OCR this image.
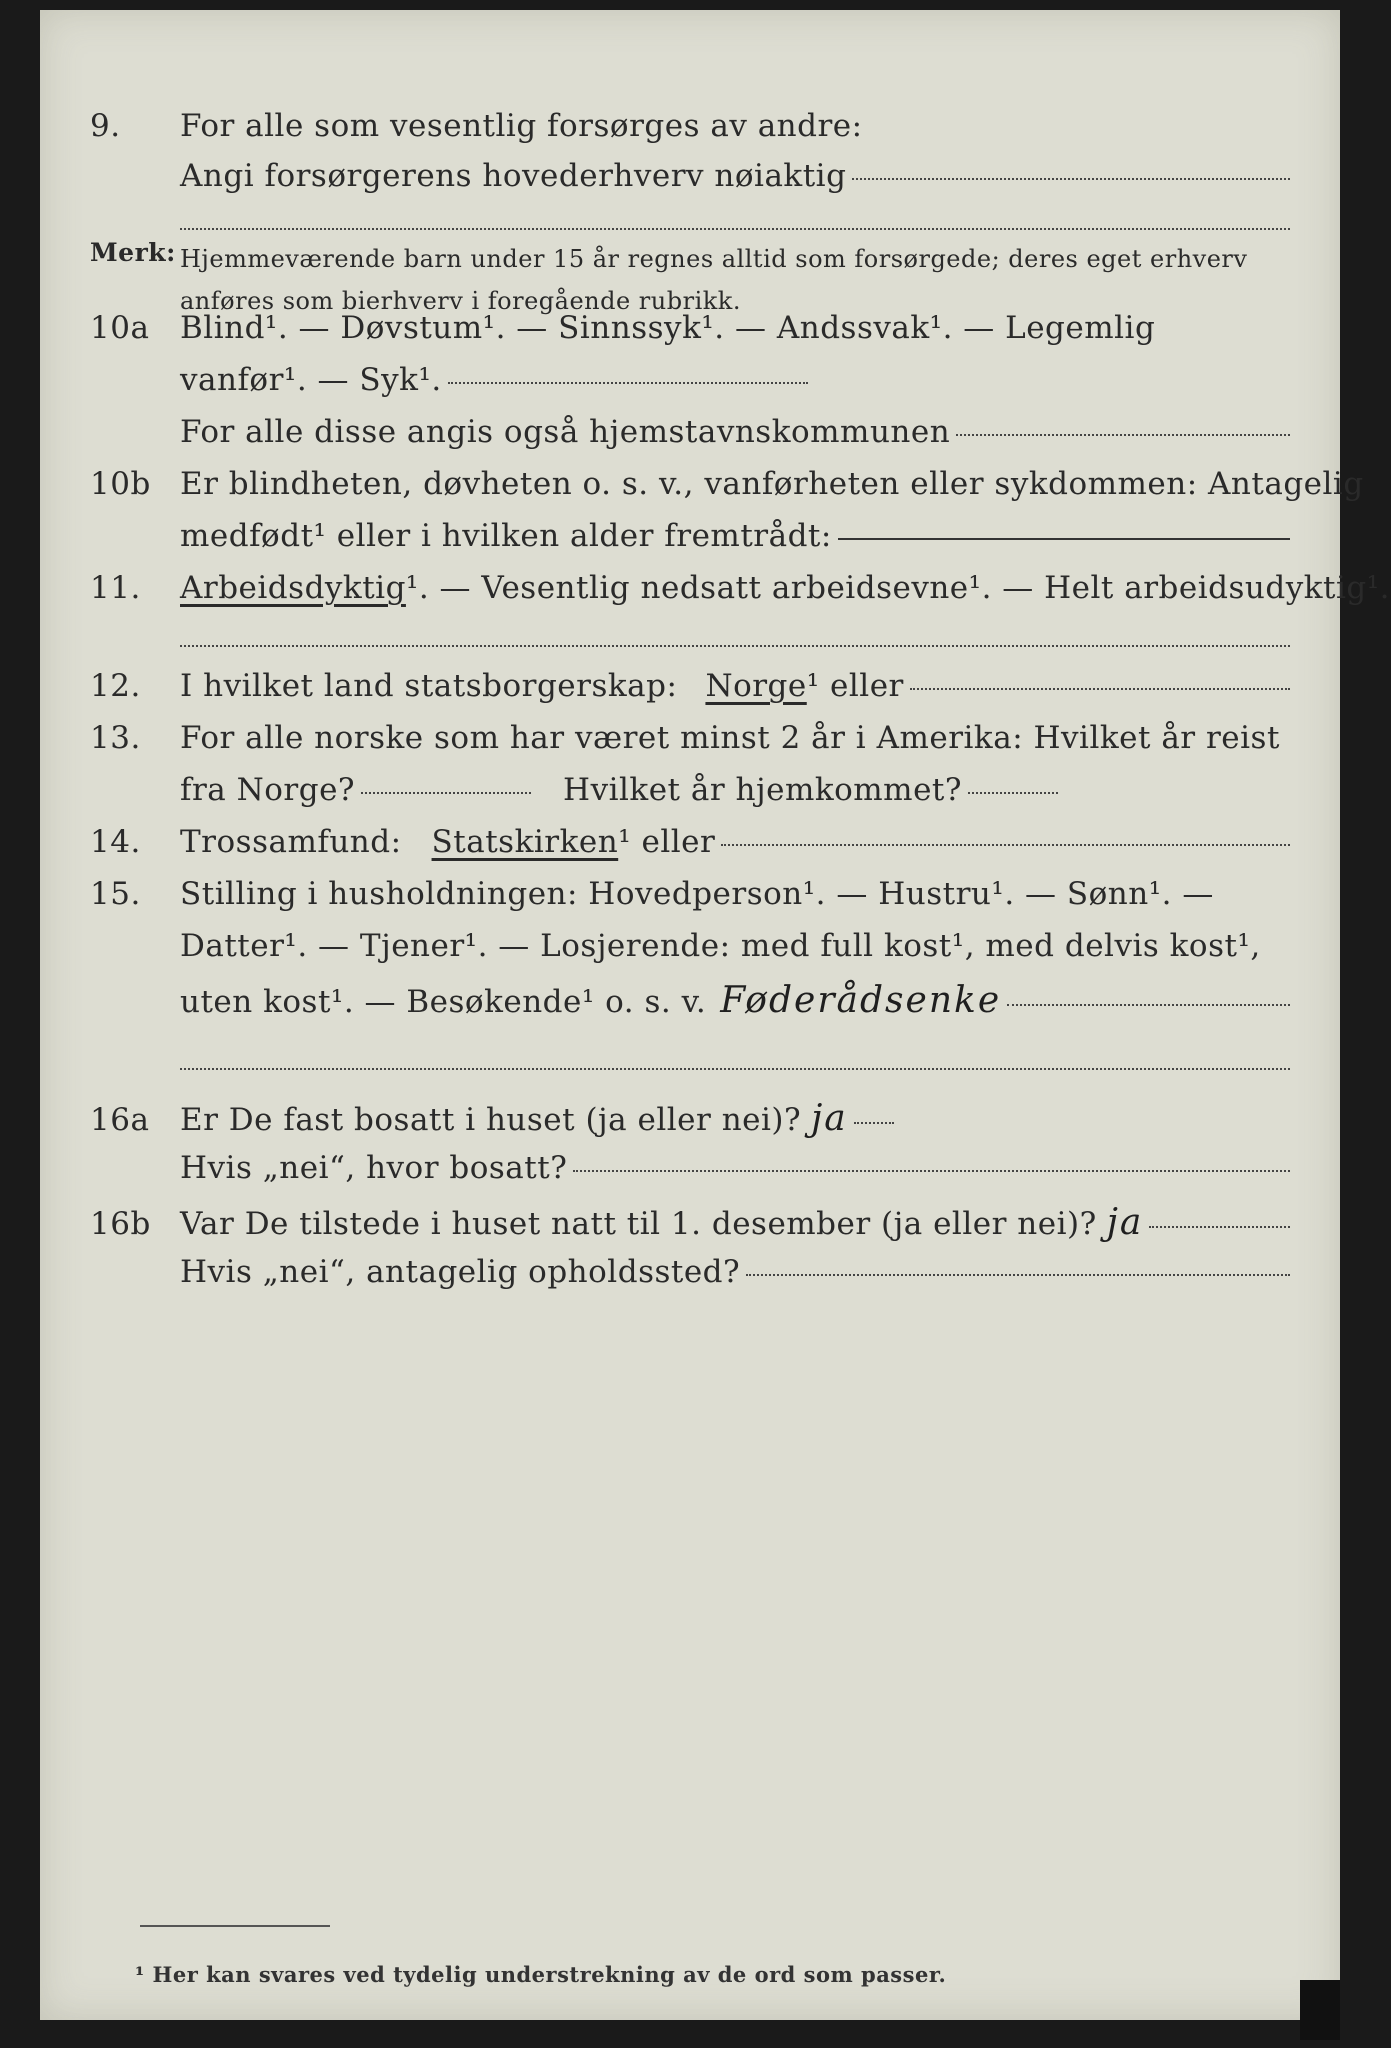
9.	For alle som vesentlig forsørges av andre:
Angi forsørgerens hovederhverv nøiaktig
Merk: Hjemmeværende barn under 15 år regnes alltid som forsørgede; deres eget erhverv anføres som bierhverv i foregående rubrikk.
10a Blind¹. — Døvstum¹. — Sinnssyk¹. — Andssvak¹. — Legemlig
vanfør¹. — Syk¹.
For alle disse angis også hjemstavnskommunen
10b Er blindheten, døvheten o. s. v., vanførheten eller sykdommen: Antagelig
medfødt¹ eller i hvilken alder fremtrådt:
11.	Arbeidsdyktig ¹. — Vesentlig nedsatt arbeidsevne¹. — Helt arbeidsudyktig¹.
12.	I hvilket land statsborgerskap: Norge ¹ eller
13.	For alle norske som har været minst 2 år i Amerika: Hvilket år reist
fra Norge?	Hvilket år hjemkommet?
14.	Trossamfund: Statskirken ¹ eller
15.	Stilling i husholdningen: Hovedperson¹. — Hustru¹. — Sønn¹. —
Datter¹. — Tjener¹. — Losjerende: med full kost¹, med delvis kost¹,
uten kost¹. — Besøkende¹ o. s. v. Føderådsenke
16a Er De fast bosatt i huset (ja eller nei)? ja
Hvis „nei“, hvor bosatt?
16b Var De tilstede i huset natt til 1. desember (ja eller nei)? ja
Hvis „nei“, antagelig opholdssted?
¹ Her kan svares ved tydelig understrekning av de ord som passer.
